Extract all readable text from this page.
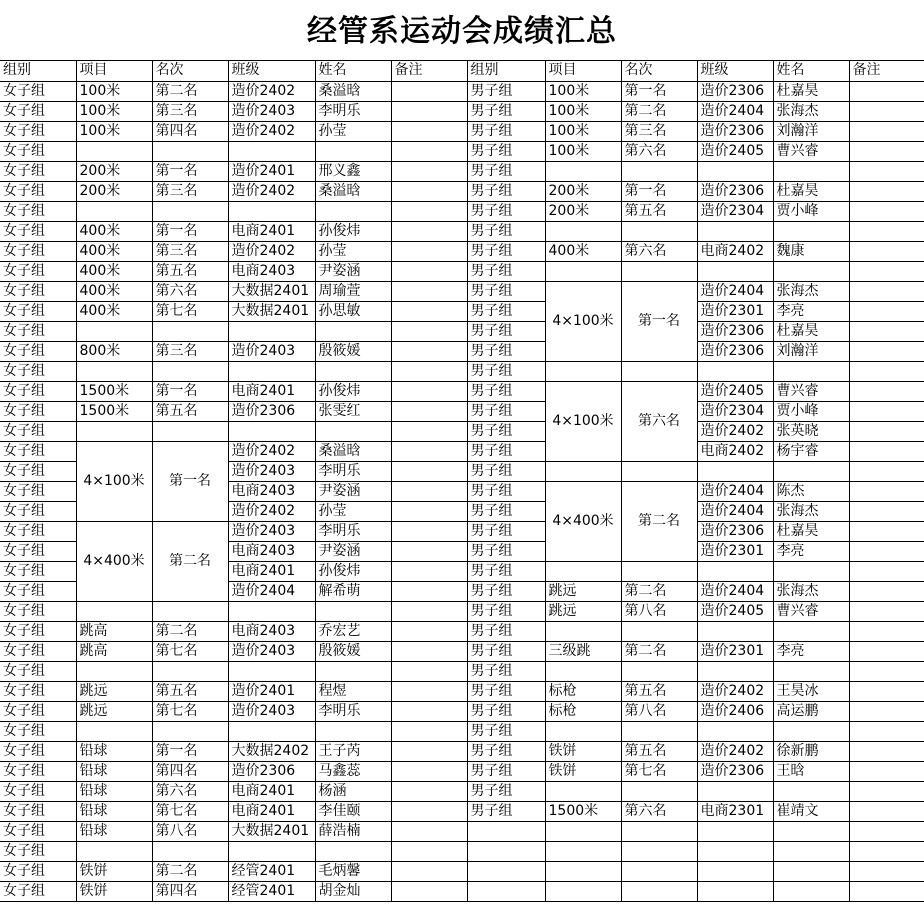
经管系运动会成绩汇总
组别	项目	名次	班级	姓名	备注	组别	项目	名次	班级	姓名	备注
女子组	100米	第二名	造价2402	桑溢晗		男子组	100米	第一名	造价2306	杜嘉昊	
女子组	100米	第三名	造价2403	李明乐		男子组	100米	第二名	造价2404	张海杰	
女子组	100米	第四名	造价2402	孙莹		男子组	100米	第三名	造价2306	刘瀚洋	
女子组						男子组	100米	第六名	造价2405	曹兴睿	
女子组	200米	第一名	造价2401	邢义鑫		男子组					
女子组	200米	第三名	造价2402	桑溢晗		男子组	200米	第一名	造价2306	杜嘉昊	
女子组						男子组	200米	第五名	造价2304	贾小峰	
女子组	400米	第一名	电商2401	孙俊炜		男子组					
女子组	400米	第三名	造价2402	孙莹		男子组	400米	第六名	电商2402	魏康	
女子组	400米	第五名	电商2403	尹姿涵		男子组					
女子组	400米	第六名	大数据2401	周瑜萱		男子组	4×100米	第一名	造价2404	张海杰	
女子组	400米	第七名	大数据2401	孙思敏		男子组			造价2301	李亮	
女子组						男子组			造价2306	杜嘉昊	
女子组	800米	第三名	造价2403	殷筱媛		男子组			造价2306	刘瀚洋	
女子组						男子组					
女子组	1500米	第一名	电商2401	孙俊炜		男子组	4×100米	第六名	造价2405	曹兴睿	
女子组	1500米	第五名	造价2306	张雯红		男子组			造价2304	贾小峰	
女子组						男子组			造价2402	张英晓	
女子组	4×100米	第一名	造价2402	桑溢晗		男子组			电商2402	杨宇睿	
女子组			造价2403	李明乐		男子组					
女子组			电商2403	尹姿涵		男子组	4×400米	第二名	造价2404	陈杰	
女子组			造价2402	孙莹		男子组			造价2404	张海杰	
女子组	4×400米	第二名	造价2403	李明乐		男子组			造价2306	杜嘉昊	
女子组			电商2403	尹姿涵		男子组			造价2301	李亮	
女子组			电商2401	孙俊炜		男子组					
女子组			造价2404	解希萌		男子组	跳远	第二名	造价2404	张海杰	
女子组						男子组	跳远	第八名	造价2405	曹兴睿	
女子组	跳高	第二名	电商2403	乔宏艺		男子组					
女子组	跳高	第七名	造价2403	殷筱媛		男子组	三级跳	第二名	造价2301	李亮	
女子组						男子组					
女子组	跳远	第五名	造价2401	程煜		男子组	标枪	第五名	造价2402	王昊冰	
女子组	跳远	第七名	造价2403	李明乐		男子组	标枪	第八名	造价2406	高运鹏	
女子组						男子组					
女子组	铅球	第一名	大数据2402	王子芮		男子组	铁饼	第五名	造价2402	徐新鹏	
女子组	铅球	第四名	造价2306	马鑫蕊		男子组	铁饼	第七名	造价2306	王晗	
女子组	铅球	第六名	电商2401	杨涵		男子组					
女子组	铅球	第七名	电商2401	李佳颐		男子组	1500米	第六名	电商2301	崔靖文	
女子组	铅球	第八名	大数据2401	薛浩楠							
女子组											
女子组	铁饼	第二名	经管2401	毛炳馨							
女子组	铁饼	第四名	经管2401	胡金灿							
